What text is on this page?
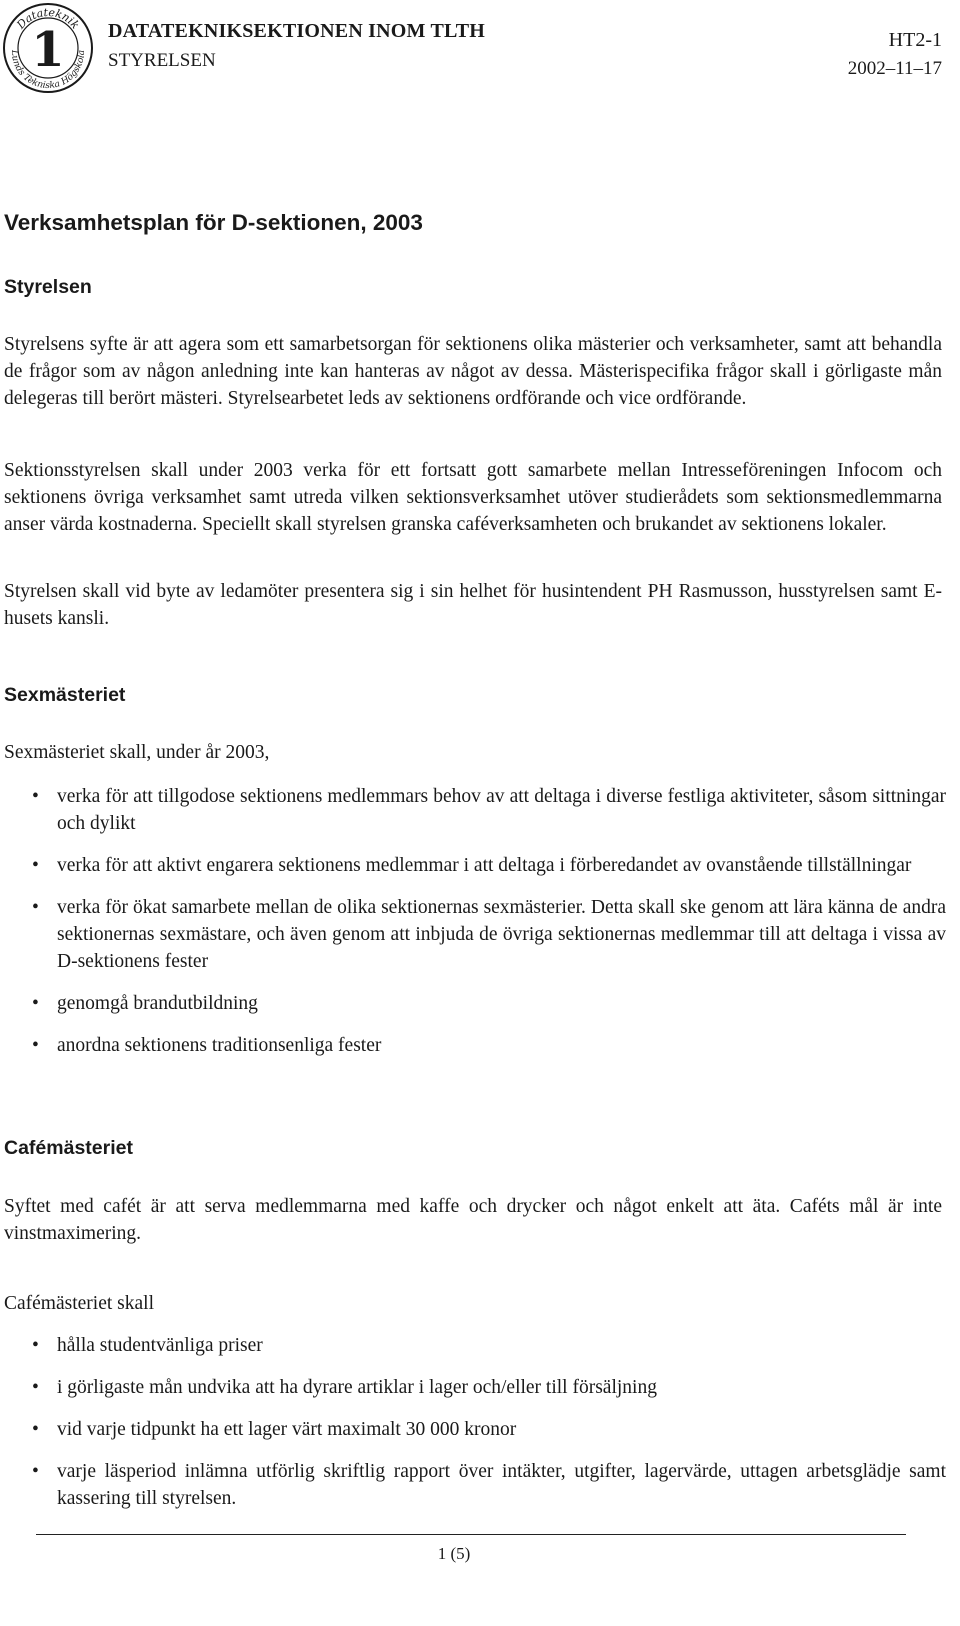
Datateknik
Lunds Tekniska Högskola
1 DATATEKNIKSEKTIONEN INOM TLTH
STYRELSEN
HT2-1
2002–11–17
Verksamhetsplan för D-sektionen, 2003
Styrelsen
Styrelsens syfte är att agera som ett samarbetsorgan för sektionens olika mästerier och verksamheter, samt att behandla de frågor som av någon anledning inte kan hanteras av något av dessa. Mästerispecifika frågor skall i görligaste mån delegeras till berört mästeri. Styrelsearbetet leds av sektionens ordförande och vice ordförande.
Sektionsstyrelsen skall under 2003 verka för ett fortsatt gott samarbete mellan Intresseföreningen Infocom och sektionens övriga verksamhet samt utreda vilken sektionsverksamhet utöver studierådets som sektionsmedlemmarna anser värda kostnaderna. Speciellt skall styrelsen granska caféverksamheten och brukandet av sektionens lokaler.
Styrelsen skall vid byte av ledamöter presentera sig i sin helhet för husintendent PH Rasmusson, husstyrelsen samt E-husets kansli.
Sexmästeriet
Sexmästeriet skall, under år 2003,
• verka för att tillgodose sektionens medlemmars behov av att deltaga i diverse festliga aktiviteter, såsom sittningar och dylikt
• verka för att aktivt engarera sektionens medlemmar i att deltaga i förberedandet av ovanstående tillställningar
• verka för ökat samarbete mellan de olika sektionernas sexmästerier. Detta skall ske genom att lära känna de andra sektionernas sexmästare, och även genom att inbjuda de övriga sektionernas medlemmar till att deltaga i vissa av D-sektionens fester
• genomgå brandutbildning
• anordna sektionens traditionsenliga fester
Cafémästeriet
Syftet med cafét är att serva medlemmarna med kaffe och drycker och något enkelt att äta. Caféts mål är inte vinstmaximering.
Cafémästeriet skall
• hålla studentvänliga priser
• i görligaste mån undvika att ha dyrare artiklar i lager och/eller till försäljning
• vid varje tidpunkt ha ett lager värt maximalt 30 000 kronor
• varje läsperiod inlämna utförlig skriftlig rapport över intäkter, utgifter, lagervärde, uttagen arbetsglädje samt kassering till styrelsen.
1 (5)
